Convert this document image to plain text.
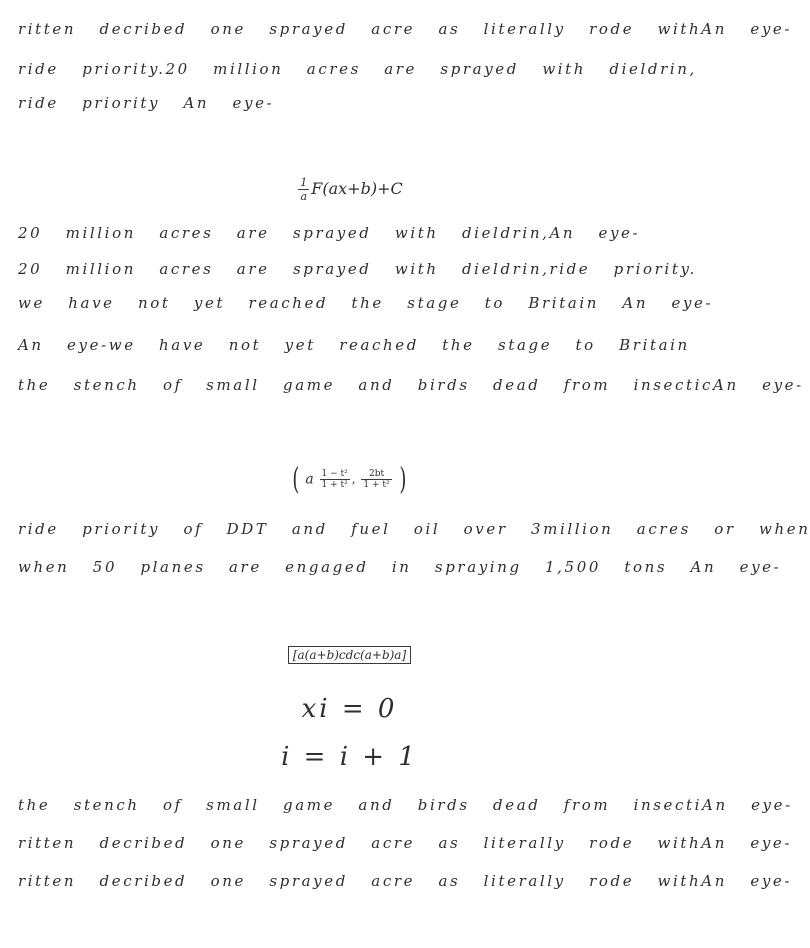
ritten decribed one sprayed acre as literally rode withAn eye-
ride priority.20 million acres are sprayed with dieldrin,
ride priority An eye-
$\frac{1}{a} F(ax+b)+C$
20 million acres are sprayed with dieldrin,An eye-
20 million acres are sprayed with dieldrin,ride priority.
we have not yet reached the stage to Britain An eye-
An eye-we have not yet reached the stage to Britain
the stench of small game and birds dead from insecticAn eye-
( a $\frac{\text{1 − t²}}{\text{1 + t²}}$ , $\frac{2bt}{\text{1 + t²}}$ )
ride priority of DDT and fuel oil over 3million acres or when
when 50 planes are engaged in spraying 1,500 tons An eye-
[a(a+b)cdc(a+b)a]
xi = 0
i = i + 1
the stench of small game and birds dead from insectiAn eye-
ritten decribed one sprayed acre as literally rode withAn eye-
ritten decribed one sprayed acre as literally rode withAn eye-
